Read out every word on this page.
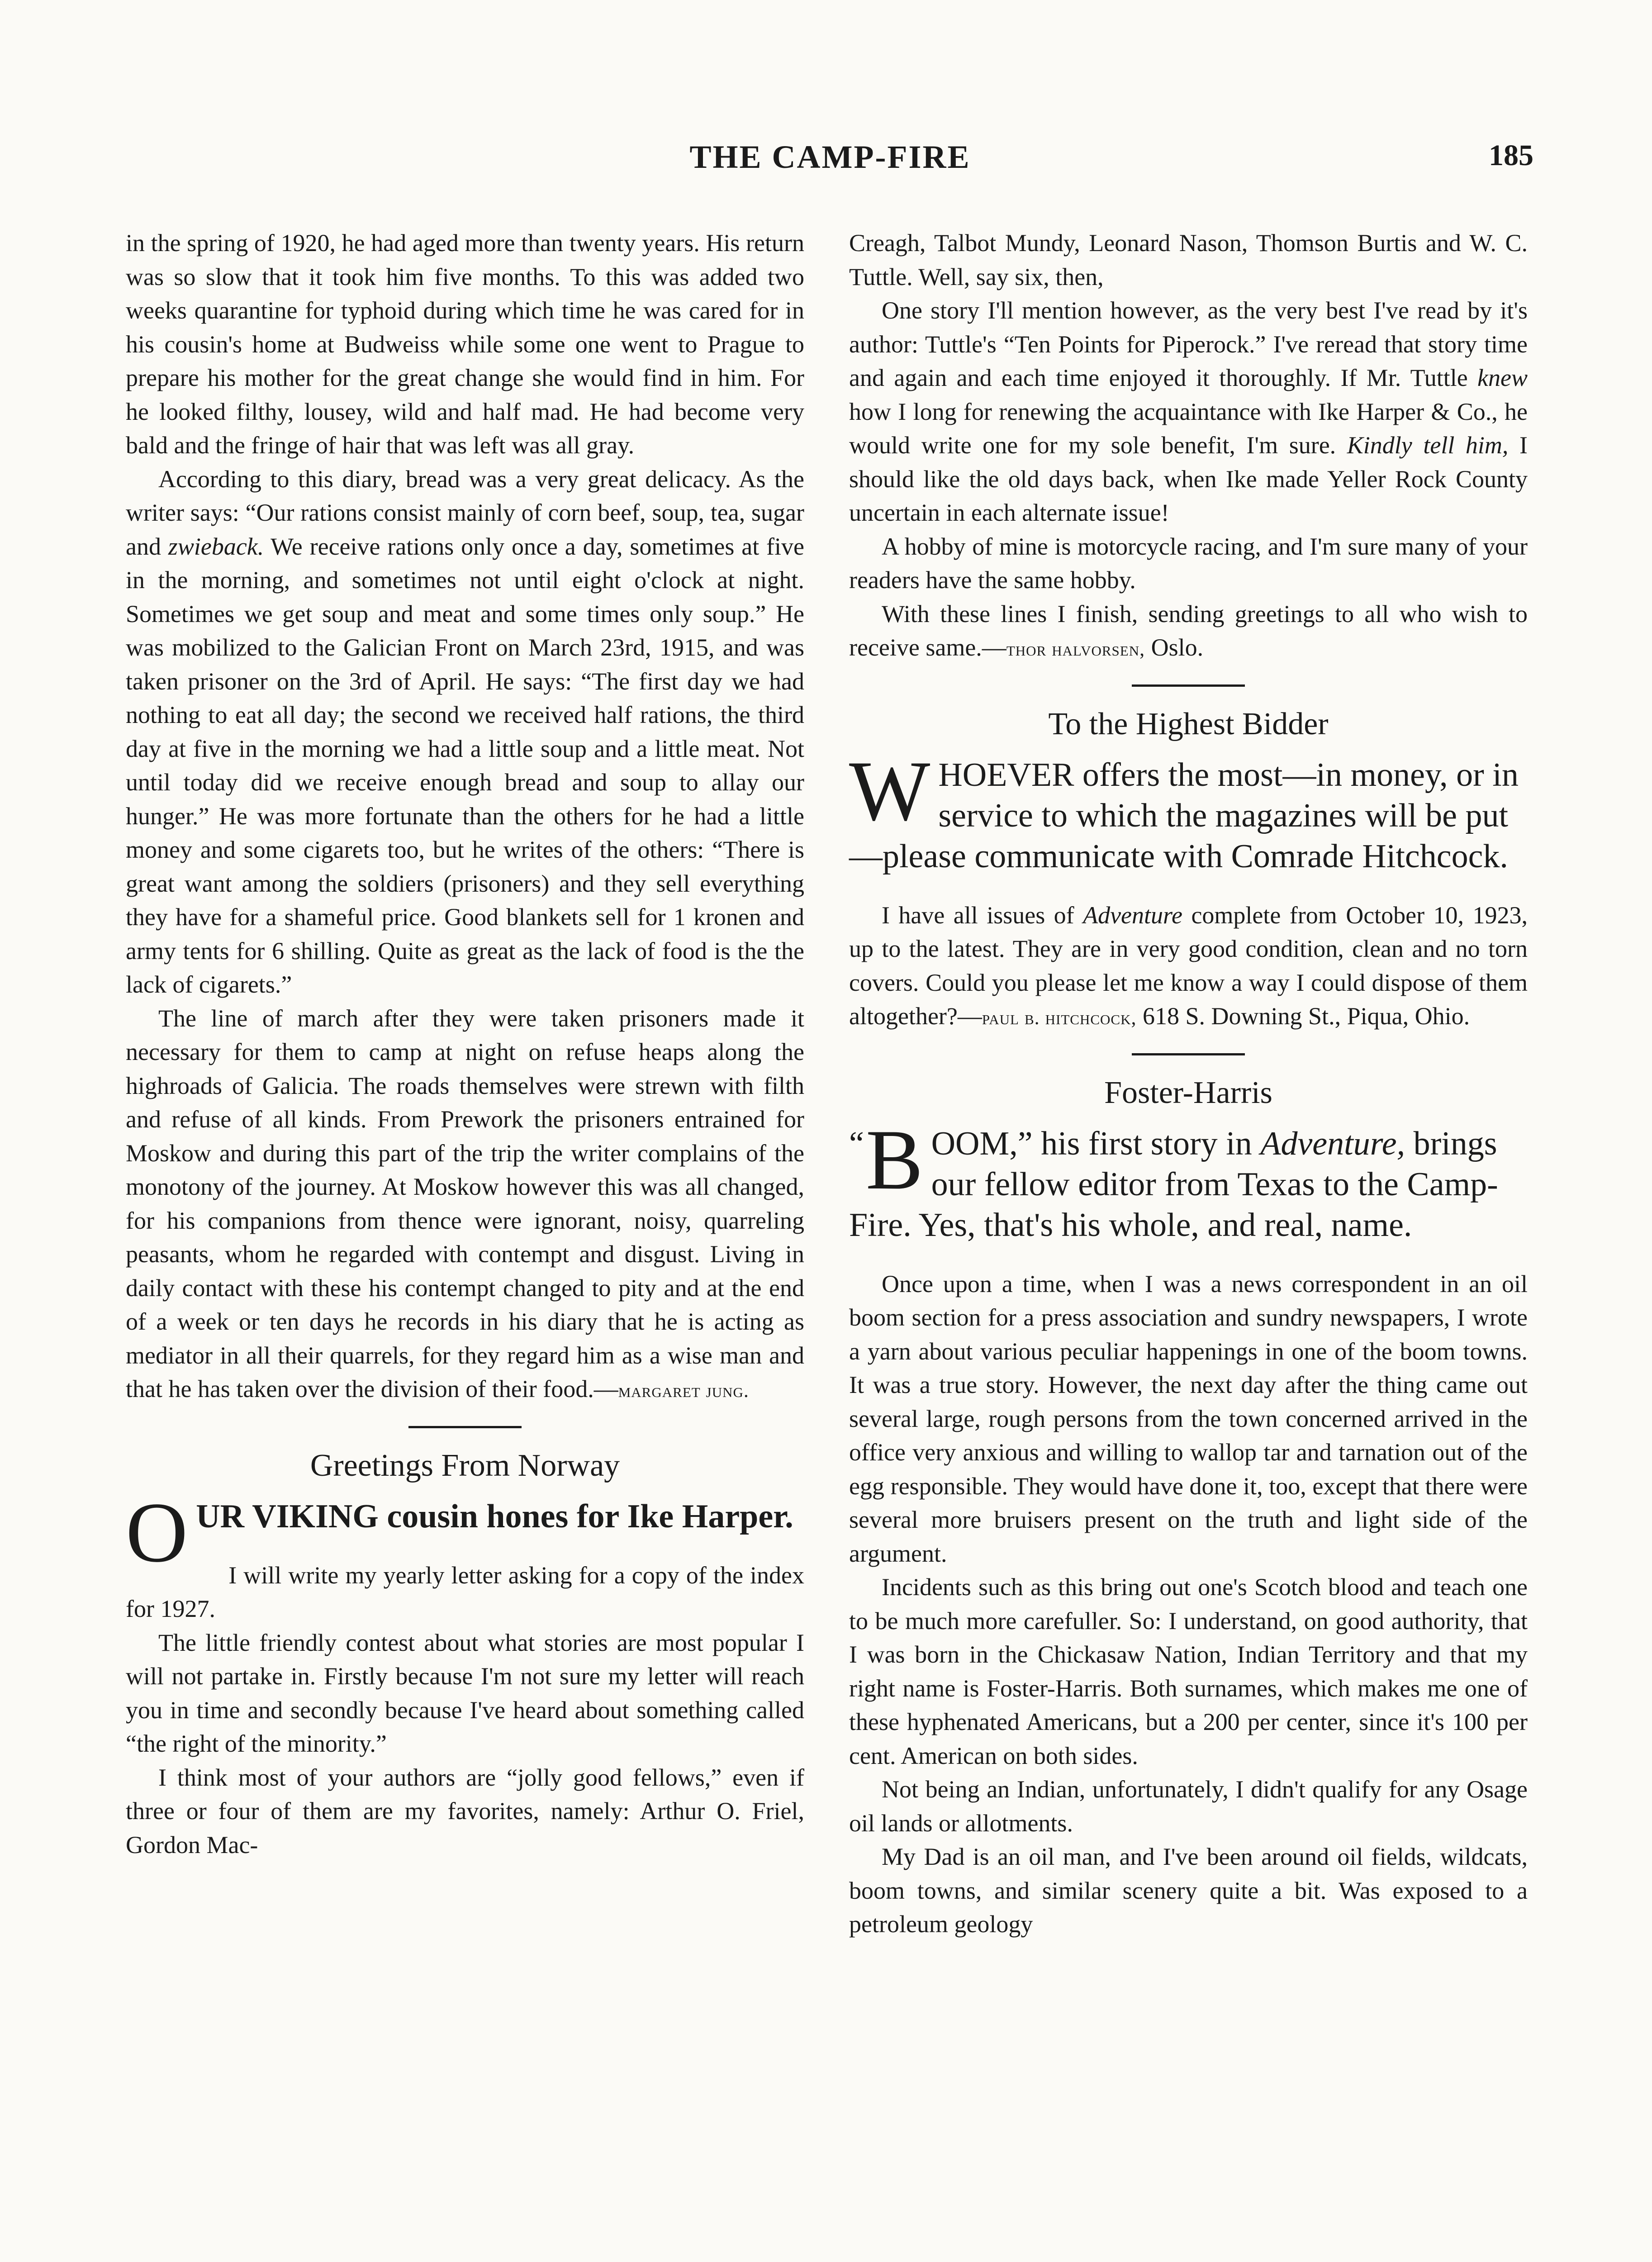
THE CAMP-FIRE	185

in the spring of 1920, he had aged more than twenty years. His return was so slow that it took him five months. To this was added two weeks quarantine for typhoid during which time he was cared for in his cousin's home at Budweiss while some one went to Prague to prepare his mother for the great change she would find in him. For he looked filthy, lousey, wild and half mad. He had become very bald and the fringe of hair that was left was all gray.

According to this diary, bread was a very great delicacy. As the writer says: “Our rations consist mainly of corn beef, soup, tea, sugar and zwieback. We receive rations only once a day, sometimes at five in the morning, and sometimes not until eight o'clock at night. Sometimes we get soup and meat and some times only soup.” He was mobilized to the Galician Front on March 23rd, 1915, and was taken prisoner on the 3rd of April. He says: “The first day we had nothing to eat all day; the second we received half rations, the third day at five in the morning we had a little soup and a little meat. Not until today did we receive enough bread and soup to allay our hunger.” He was more fortunate than the others for he had a little money and some cigarets too, but he writes of the others: “There is great want among the soldiers (prisoners) and they sell everything they have for a shameful price. Good blankets sell for 1 kronen and army tents for 6 shilling. Quite as great as the lack of food is the the lack of cigarets.”

The line of march after they were taken prisoners made it necessary for them to camp at night on refuse heaps along the highroads of Galicia. The roads themselves were strewn with filth and refuse of all kinds. From Prework the prisoners entrained for Moskow and during this part of the trip the writer complains of the monotony of the journey. At Moskow however this was all changed, for his companions from thence were ignorant, noisy, quarreling peasants, whom he regarded with contempt and disgust. Living in daily contact with these his contempt changed to pity and at the end of a week or ten days he records in his diary that he is acting as mediator in all their quarrels, for they regard him as a wise man and that he has taken over the division of their food.—margaret jung.

Greetings From Norway
OUR VIKING cousin hones for Ike Harper.

I will write my yearly letter asking for a copy of the index for 1927.

The little friendly contest about what stories are most popular I will not partake in. Firstly because I'm not sure my letter will reach you in time and secondly because I've heard about something called “the right of the minority.”

I think most of your authors are “jolly good fellows,” even if three or four of them are my favorites, namely: Arthur O. Friel, Gordon Mac-

Creagh, Talbot Mundy, Leonard Nason, Thomson Burtis and W. C. Tuttle. Well, say six, then,

One story I'll mention however, as the very best I've read by it's author: Tuttle's “Ten Points for Piperock.” I've reread that story time and again and each time enjoyed it thoroughly. If Mr. Tuttle knew how I long for renewing the acquaintance with Ike Harper & Co., he would write one for my sole benefit, I'm sure. Kindly tell him, I should like the old days back, when Ike made Yeller Rock County uncertain in each alternate issue!

A hobby of mine is motorcycle racing, and I'm sure many of your readers have the same hobby.

With these lines I finish, sending greetings to all who wish to receive same.—thor halvorsen, Oslo.

To the Highest Bidder
WHOEVER offers the most—in money, or in service to which the magazines will be put—please communicate with Comrade Hitchcock.

I have all issues of Adventure complete from October 10, 1923, up to the latest. They are in very good condition, clean and no torn covers. Could you please let me know a way I could dispose of them altogether?—paul b. hitchcock, 618 S. Downing St., Piqua, Ohio.

Foster-Harris
“ B OOM,” his first story in Adventure, brings our fellow editor from Texas to the Camp-Fire. Yes, that's his whole, and real, name.

Once upon a time, when I was a news correspondent in an oil boom section for a press association and sundry newspapers, I wrote a yarn about various peculiar happenings in one of the boom towns. It was a true story. However, the next day after the thing came out several large, rough persons from the town concerned arrived in the office very anxious and willing to wallop tar and tarnation out of the egg responsible. They would have done it, too, except that there were several more bruisers present on the truth and light side of the argument.

Incidents such as this bring out one's Scotch blood and teach one to be much more carefuller. So: I understand, on good authority, that I was born in the Chickasaw Nation, Indian Territory and that my right name is Foster-Harris. Both surnames, which makes me one of these hyphenated Americans, but a 200 per center, since it's 100 per cent. American on both sides.

Not being an Indian, unfortunately, I didn't qualify for any Osage oil lands or allotments.

My Dad is an oil man, and I've been around oil fields, wildcats, boom towns, and similar scenery quite a bit. Was exposed to a petroleum geology
